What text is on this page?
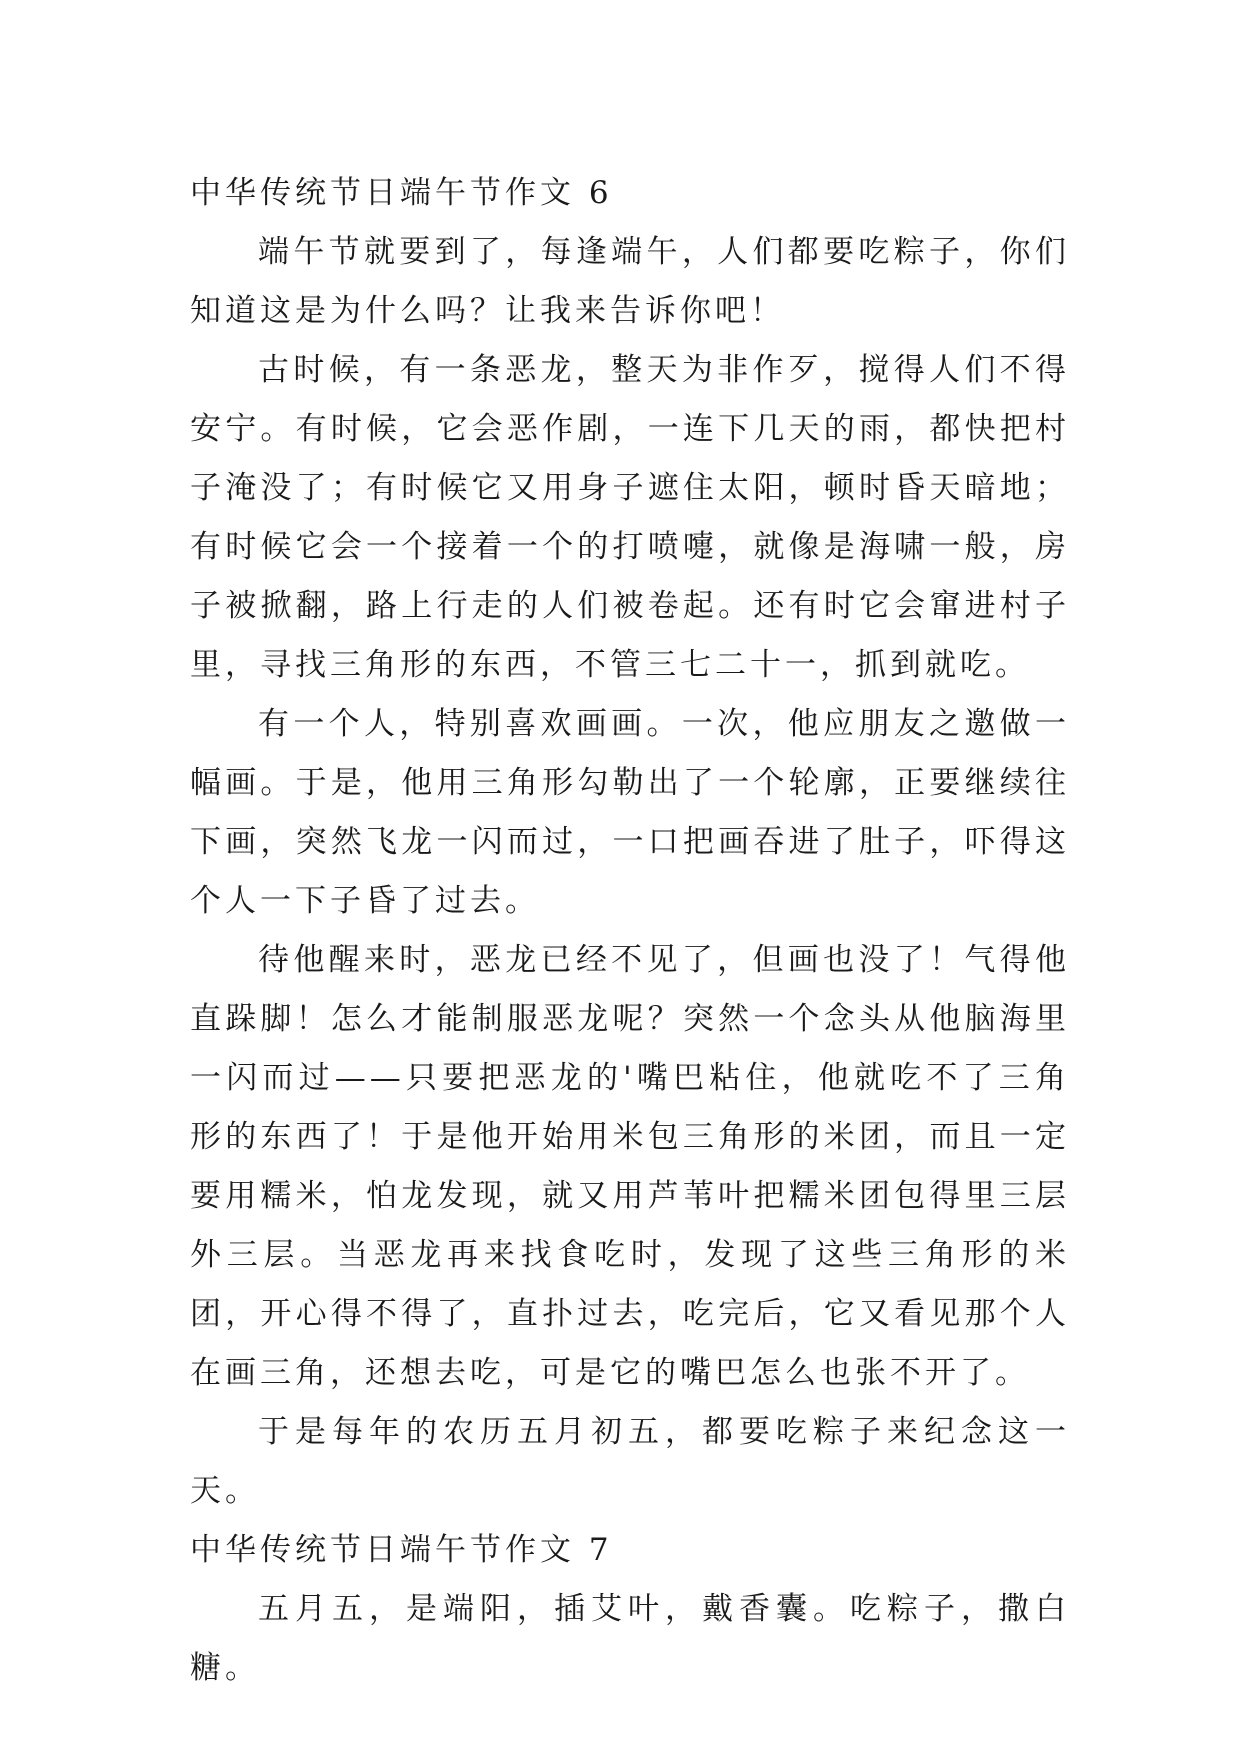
中华传统节日端午节作文 6

端午节就要到了，每逢端午，人们都要吃粽子，你们知道这是为什么吗？让我来告诉你吧！

古时候，有一条恶龙，整天为非作歹，搅得人们不得安宁。有时候，它会恶作剧，一连下几天的雨，都快把村子淹没了；有时候它又用身子遮住太阳，顿时昏天暗地；有时候它会一个接着一个的打喷嚏，就像是海啸一般，房子被掀翻，路上行走的人们被卷起。还有时它会窜进村子里，寻找三角形的东西，不管三七二十一，抓到就吃。

有一个人，特别喜欢画画。一次，他应朋友之邀做一幅画。于是，他用三角形勾勒出了一个轮廓，正要继续往下画，突然飞龙一闪而过，一口把画吞进了肚子，吓得这个人一下子昏了过去。

待他醒来时，恶龙已经不见了，但画也没了！气得他直跺脚！怎么才能制服恶龙呢？突然一个念头从他脑海里一闪而过——只要把恶龙的'嘴巴粘住，他就吃不了三角形的东西了！于是他开始用米包三角形的米团，而且一定要用糯米，怕龙发现，就又用芦苇叶把糯米团包得里三层外三层。当恶龙再来找食吃时，发现了这些三角形的米团，开心得不得了，直扑过去，吃完后，它又看见那个人在画三角，还想去吃，可是它的嘴巴怎么也张不开了。

于是每年的农历五月初五，都要吃粽子来纪念这一天。

中华传统节日端午节作文 7

五月五，是端阳，插艾叶，戴香囊。吃粽子，撒白糖。
